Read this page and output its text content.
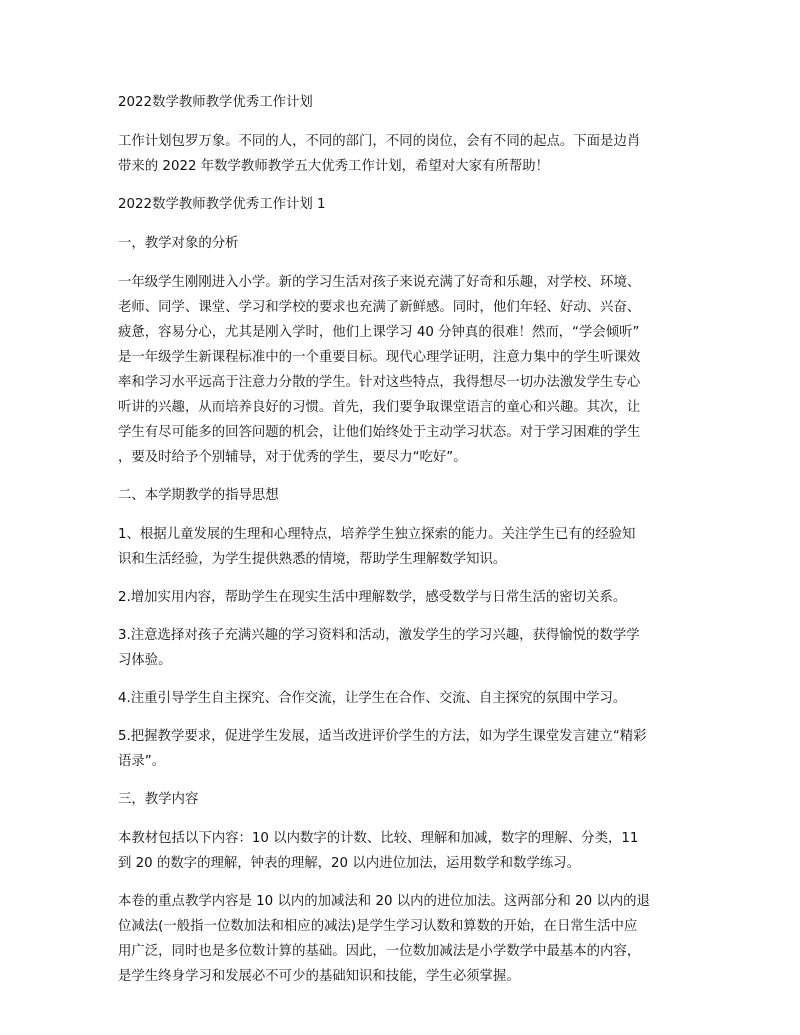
2022数学教师教学优秀工作计划
工作计划包罗万象。不同的人，不同的部门，不同的岗位，会有不同的起点。下面是边肖
带来的 2022 年数学教师教学五大优秀工作计划，希望对大家有所帮助！
2022数学教师教学优秀工作计划 1
一，教学对象的分析
一年级学生刚刚进入小学。新的学习生活对孩子来说充满了好奇和乐趣，对学校、环境、
老师、同学、课堂、学习和学校的要求也充满了新鲜感。同时，他们年轻、好动、兴奋、
疲惫，容易分心，尤其是刚入学时，他们上课学习 40 分钟真的很难！然而，“学会倾听”
是一年级学生新课程标准中的一个重要目标。现代心理学证明，注意力集中的学生听课效
率和学习水平远高于注意力分散的学生。针对这些特点，我得想尽一切办法激发学生专心
听讲的兴趣，从而培养良好的习惯。首先，我们要争取课堂语言的童心和兴趣。其次，让
学生有尽可能多的回答问题的机会，让他们始终处于主动学习状态。对于学习困难的学生
，要及时给予个别辅导，对于优秀的学生，要尽力“吃好”。
二、本学期教学的指导思想
1、根据儿童发展的生理和心理特点，培养学生独立探索的能力。关注学生已有的经验知
识和生活经验，为学生提供熟悉的情境，帮助学生理解数学知识。
2.增加实用内容，帮助学生在现实生活中理解数学，感受数学与日常生活的密切关系。
3.注意选择对孩子充满兴趣的学习资料和活动，激发学生的学习兴趣，获得愉悦的数学学
习体验。
4.注重引导学生自主探究、合作交流，让学生在合作、交流、自主探究的氛围中学习。
5.把握教学要求，促进学生发展，适当改进评价学生的方法，如为学生课堂发言建立“精彩
语录”。
三，教学内容
本教材包括以下内容：10 以内数字的计数、比较、理解和加减，数字的理解、分类，11
到 20 的数字的理解，钟表的理解，20 以内进位加法，运用数学和数学练习。
本卷的重点教学内容是 10 以内的加减法和 20 以内的进位加法。这两部分和 20 以内的退
位减法(一般指一位数加法和相应的减法)是学生学习认数和算数的开始，在日常生活中应
用广泛，同时也是多位数计算的基础。因此，一位数加减法是小学数学中最基本的内容，
是学生终身学习和发展必不可少的基础知识和技能，学生必须掌握。
